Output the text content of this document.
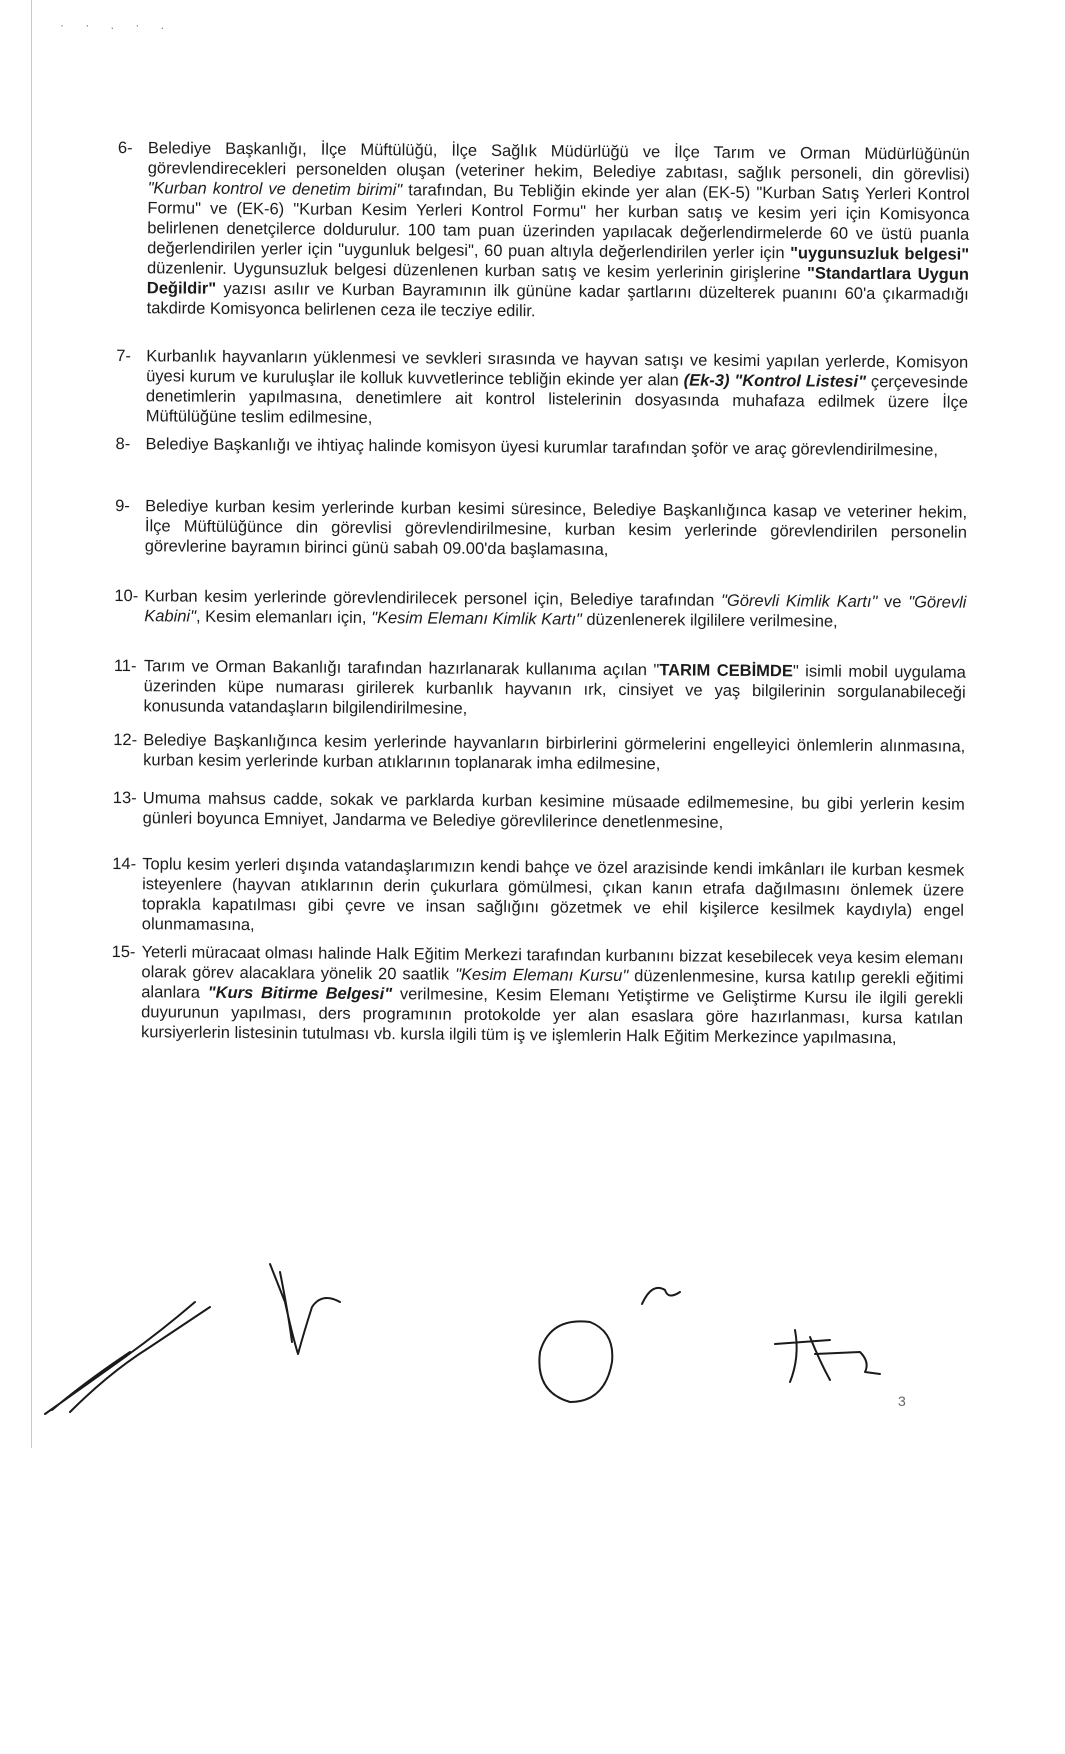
· · . · .
6- Belediye Başkanlığı, İlçe Müftülüğü, İlçe Sağlık Müdürlüğü ve İlçe Tarım ve Orman Müdürlüğünün görevlendirecekleri personelden oluşan (veteriner hekim, Belediye zabıtası, sağlık personeli, din görevlisi) "Kurban kontrol ve denetim birimi" tarafından, Bu Tebliğin ekinde yer alan (EK-5) "Kurban Satış Yerleri Kontrol Formu" ve (EK-6) "Kurban Kesim Yerleri Kontrol Formu" her kurban satış ve kesim yeri için Komisyonca belirlenen denetçilerce doldurulur. 100 tam puan üzerinden yapılacak değerlendirmelerde 60 ve üstü puanla değerlendirilen yerler için "uygunluk belgesi", 60 puan altıyla değerlendirilen yerler için "uygunsuzluk belgesi" düzenlenir. Uygunsuzluk belgesi düzenlenen kurban satış ve kesim yerlerinin girişlerine "Standartlara Uygun Değildir" yazısı asılır ve Kurban Bayramının ilk gününe kadar şartlarını düzelterek puanını 60'a çıkarmadığı takdirde Komisyonca belirlenen ceza ile tecziye edilir.
7- Kurbanlık hayvanların yüklenmesi ve sevkleri sırasında ve hayvan satışı ve kesimi yapılan yerlerde, Komisyon üyesi kurum ve kuruluşlar ile kolluk kuvvetlerince tebliğin ekinde yer alan (Ek-3) "Kontrol Listesi" çerçevesinde denetimlerin yapılmasına, denetimlere ait kontrol listelerinin dosyasında muhafaza edilmek üzere İlçe Müftülüğüne teslim edilmesine,
8- Belediye Başkanlığı ve ihtiyaç halinde komisyon üyesi kurumlar tarafından şoför ve araç görevlendirilmesine,
9- Belediye kurban kesim yerlerinde kurban kesimi süresince, Belediye Başkanlığınca kasap ve veteriner hekim, İlçe Müftülüğünce din görevlisi görevlendirilmesine, kurban kesim yerlerinde görevlendirilen personelin görevlerine bayramın birinci günü sabah 09.00'da başlamasına,
10- Kurban kesim yerlerinde görevlendirilecek personel için, Belediye tarafından "Görevli Kimlik Kartı" ve "Görevli Kabini", Kesim elemanları için, "Kesim Elemanı Kimlik Kartı" düzenlenerek ilgililere verilmesine,
11- Tarım ve Orman Bakanlığı tarafından hazırlanarak kullanıma açılan "TARIM CEBİMDE" isimli mobil uygulama üzerinden küpe numarası girilerek kurbanlık hayvanın ırk, cinsiyet ve yaş bilgilerinin sorgulanabileceği konusunda vatandaşların bilgilendirilmesine,
12- Belediye Başkanlığınca kesim yerlerinde hayvanların birbirlerini görmelerini engelleyici önlemlerin alınmasına, kurban kesim yerlerinde kurban atıklarının toplanarak imha edilmesine,
13- Umuma mahsus cadde, sokak ve parklarda kurban kesimine müsaade edilmemesine, bu gibi yerlerin kesim günleri boyunca Emniyet, Jandarma ve Belediye görevlilerince denetlenmesine,
14- Toplu kesim yerleri dışında vatandaşlarımızın kendi bahçe ve özel arazisinde kendi imkânları ile kurban kesmek isteyenlere (hayvan atıklarının derin çukurlara gömülmesi, çıkan kanın etrafa dağılmasını önlemek üzere toprakla kapatılması gibi çevre ve insan sağlığını gözetmek ve ehil kişilerce kesilmek kaydıyla) engel olunmamasına,
15- Yeterli müracaat olması halinde Halk Eğitim Merkezi tarafından kurbanını bizzat kesebilecek veya kesim elemanı olarak görev alacaklara yönelik 20 saatlik "Kesim Elemanı Kursu" düzenlenmesine, kursa katılıp gerekli eğitimi alanlara "Kurs Bitirme Belgesi" verilmesine, Kesim Elemanı Yetiştirme ve Geliştirme Kursu ile ilgili gerekli duyurunun yapılması, ders programının protokolde yer alan esaslara göre hazırlanması, kursa katılan kursiyerlerin listesinin tutulması vb. kursla ilgili tüm iş ve işlemlerin Halk Eğitim Merkezince yapılmasına,
3
